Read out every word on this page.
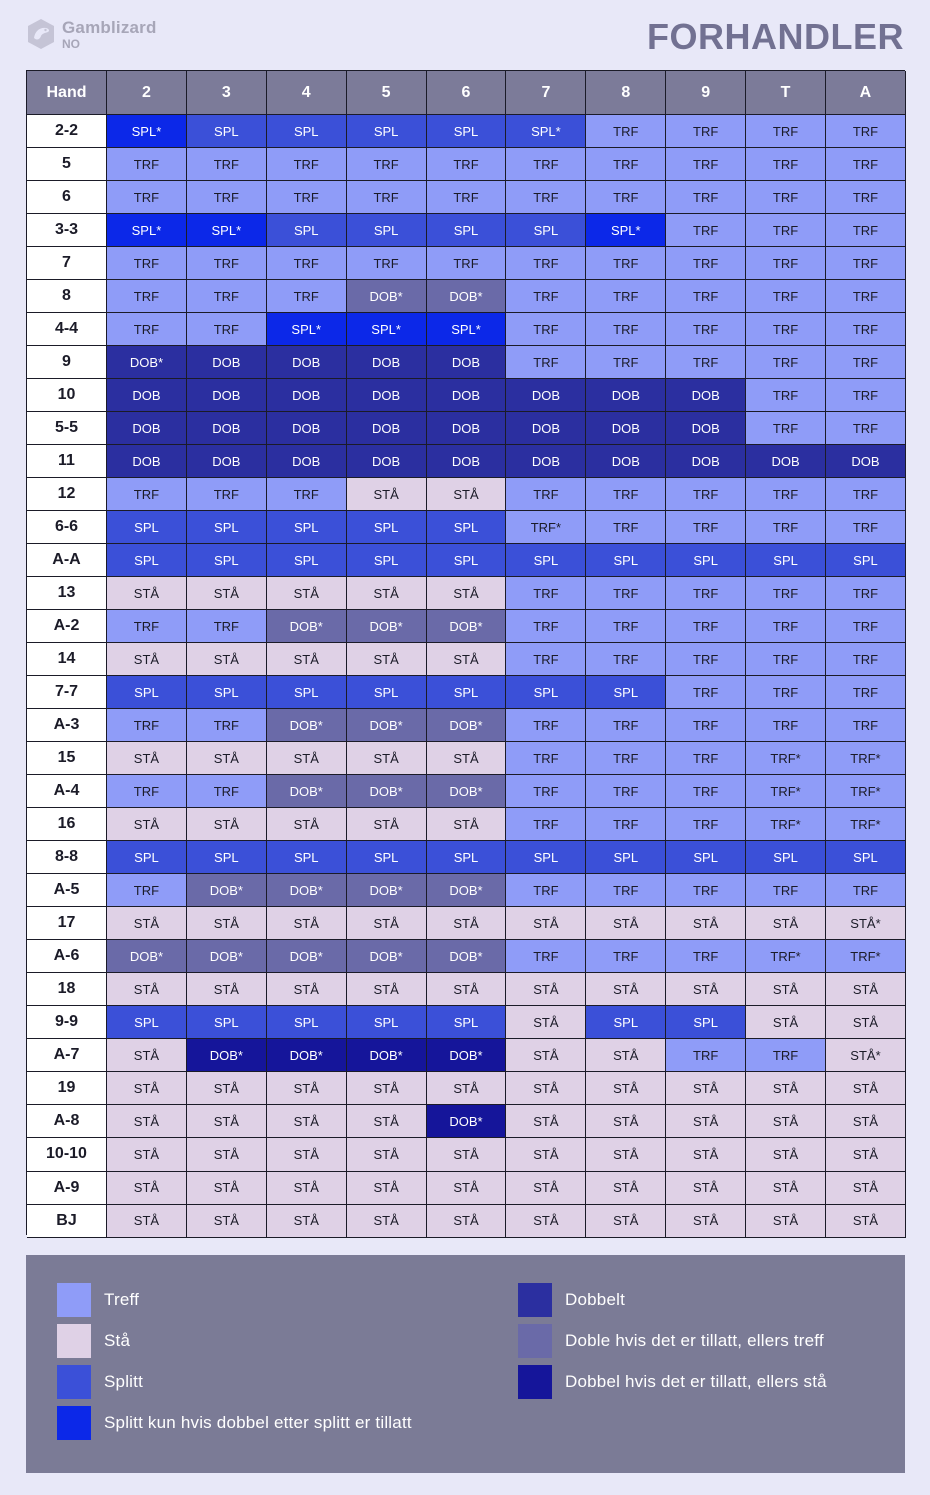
Gamblizard
NO	FORHANDLER
Hand	2	3	4	5	6	7	8	9	T	A
2-2	SPL*	SPL	SPL	SPL	SPL	SPL*	TRF	TRF	TRF	TRF
5	TRF	TRF	TRF	TRF	TRF	TRF	TRF	TRF	TRF	TRF
6	TRF	TRF	TRF	TRF	TRF	TRF	TRF	TRF	TRF	TRF
3-3	SPL*	SPL*	SPL	SPL	SPL	SPL	SPL*	TRF	TRF	TRF
7	TRF	TRF	TRF	TRF	TRF	TRF	TRF	TRF	TRF	TRF
8	TRF	TRF	TRF	DOB*	DOB*	TRF	TRF	TRF	TRF	TRF
4-4	TRF	TRF	SPL*	SPL*	SPL*	TRF	TRF	TRF	TRF	TRF
9	DOB*	DOB	DOB	DOB	DOB	TRF	TRF	TRF	TRF	TRF
10	DOB	DOB	DOB	DOB	DOB	DOB	DOB	DOB	TRF	TRF
5-5	DOB	DOB	DOB	DOB	DOB	DOB	DOB	DOB	TRF	TRF
11	DOB	DOB	DOB	DOB	DOB	DOB	DOB	DOB	DOB	DOB
12	TRF	TRF	TRF	STÅ	STÅ	TRF	TRF	TRF	TRF	TRF
6-6	SPL	SPL	SPL	SPL	SPL	TRF*	TRF	TRF	TRF	TRF
A-A	SPL	SPL	SPL	SPL	SPL	SPL	SPL	SPL	SPL	SPL
13	STÅ	STÅ	STÅ	STÅ	STÅ	TRF	TRF	TRF	TRF	TRF
A-2	TRF	TRF	DOB*	DOB*	DOB*	TRF	TRF	TRF	TRF	TRF
14	STÅ	STÅ	STÅ	STÅ	STÅ	TRF	TRF	TRF	TRF	TRF
7-7	SPL	SPL	SPL	SPL	SPL	SPL	SPL	TRF	TRF	TRF
A-3	TRF	TRF	DOB*	DOB*	DOB*	TRF	TRF	TRF	TRF	TRF
15	STÅ	STÅ	STÅ	STÅ	STÅ	TRF	TRF	TRF	TRF*	TRF*
A-4	TRF	TRF	DOB*	DOB*	DOB*	TRF	TRF	TRF	TRF*	TRF*
16	STÅ	STÅ	STÅ	STÅ	STÅ	TRF	TRF	TRF	TRF*	TRF*
8-8	SPL	SPL	SPL	SPL	SPL	SPL	SPL	SPL	SPL	SPL
A-5	TRF	DOB*	DOB*	DOB*	DOB*	TRF	TRF	TRF	TRF	TRF
17	STÅ	STÅ	STÅ	STÅ	STÅ	STÅ	STÅ	STÅ	STÅ	STÅ*
A-6	DOB*	DOB*	DOB*	DOB*	DOB*	TRF	TRF	TRF	TRF*	TRF*
18	STÅ	STÅ	STÅ	STÅ	STÅ	STÅ	STÅ	STÅ	STÅ	STÅ
9-9	SPL	SPL	SPL	SPL	SPL	STÅ	SPL	SPL	STÅ	STÅ
A-7	STÅ	DOB*	DOB*	DOB*	DOB*	STÅ	STÅ	TRF	TRF	STÅ*
19	STÅ	STÅ	STÅ	STÅ	STÅ	STÅ	STÅ	STÅ	STÅ	STÅ
A-8	STÅ	STÅ	STÅ	STÅ	DOB*	STÅ	STÅ	STÅ	STÅ	STÅ
10-10	STÅ	STÅ	STÅ	STÅ	STÅ	STÅ	STÅ	STÅ	STÅ	STÅ
A-9	STÅ	STÅ	STÅ	STÅ	STÅ	STÅ	STÅ	STÅ	STÅ	STÅ
BJ	STÅ	STÅ	STÅ	STÅ	STÅ	STÅ	STÅ	STÅ	STÅ	STÅ
Treff
Stå
Splitt
Splitt kun hvis dobbel etter splitt er tillatt
Dobbelt
Doble hvis det er tillatt, ellers treff
Dobbel hvis det er tillatt, ellers stå
